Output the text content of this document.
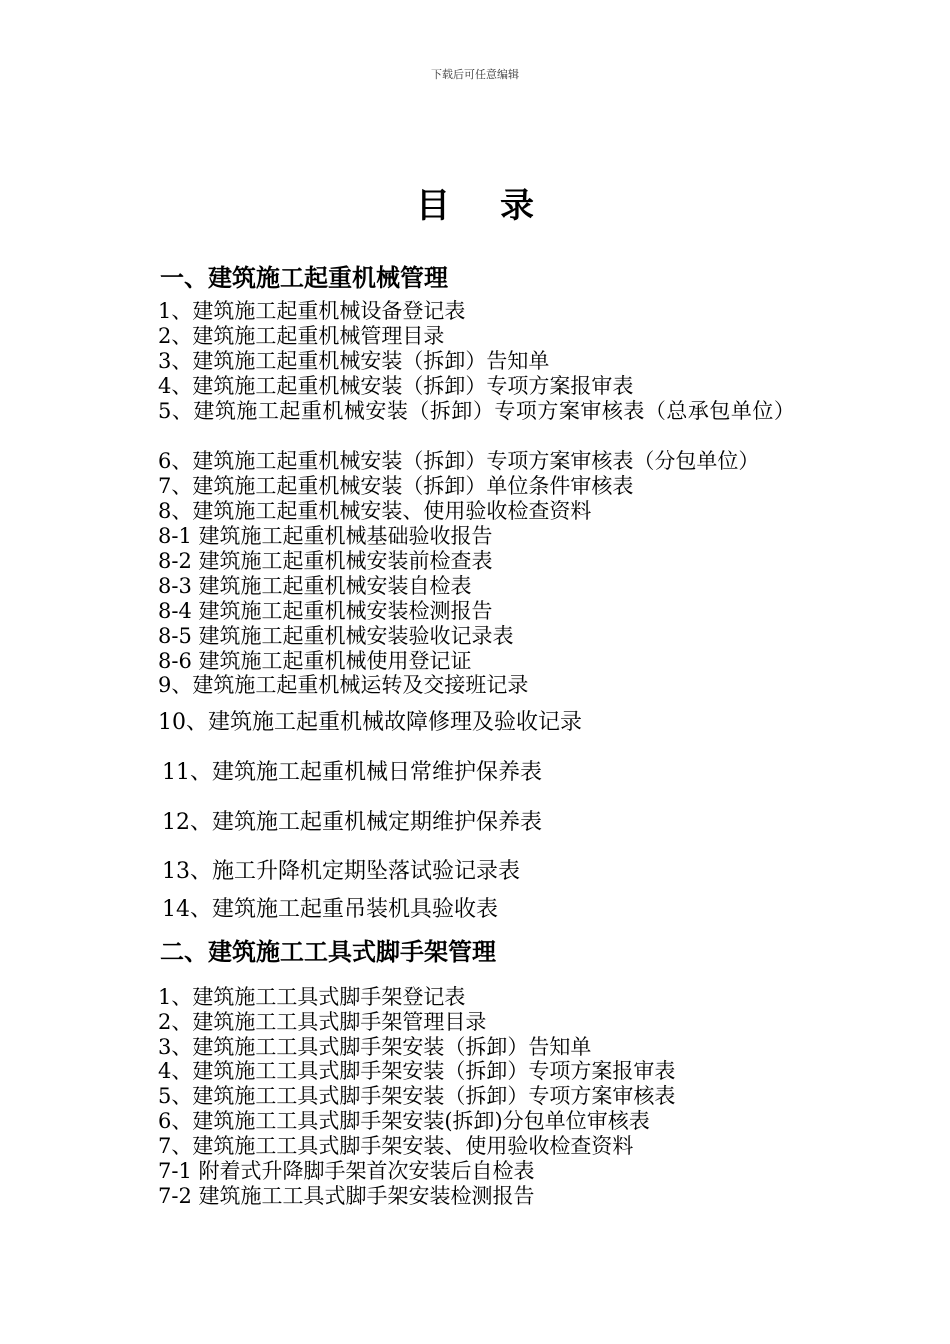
下载后可任意编辑
目录
一、建筑施工起重机械管理
1、建筑施工起重机械设备登记表
2、建筑施工起重机械管理目录
3、建筑施工起重机械安装（拆卸）告知单
4、建筑施工起重机械安装（拆卸）专项方案报审表
5、建筑施工起重机械安装（拆卸）专项方案审核表（总承包单位）
6、建筑施工起重机械安装（拆卸）专项方案审核表（分包单位）
7、建筑施工起重机械安装（拆卸）单位条件审核表
8、建筑施工起重机械安装、使用验收检查资料
8-1 建筑施工起重机械基础验收报告
8-2 建筑施工起重机械安装前检查表
8-3 建筑施工起重机械安装自检表
8-4 建筑施工起重机械安装检测报告
8-5 建筑施工起重机械安装验收记录表
8-6 建筑施工起重机械使用登记证
9、建筑施工起重机械运转及交接班记录
10、建筑施工起重机械故障修理及验收记录
11、建筑施工起重机械日常维护保养表
12、建筑施工起重机械定期维护保养表
13、施工升降机定期坠落试验记录表
14、建筑施工起重吊装机具验收表
二、建筑施工工具式脚手架管理
1、建筑施工工具式脚手架登记表
2、建筑施工工具式脚手架管理目录
3、建筑施工工具式脚手架安装（拆卸）告知单
4、建筑施工工具式脚手架安装（拆卸）专项方案报审表
5、建筑施工工具式脚手架安装（拆卸）专项方案审核表
6、建筑施工工具式脚手架安装(拆卸)分包单位审核表
7、建筑施工工具式脚手架安装、使用验收检查资料
7-1 附着式升降脚手架首次安装后自检表
7-2 建筑施工工具式脚手架安装检测报告
